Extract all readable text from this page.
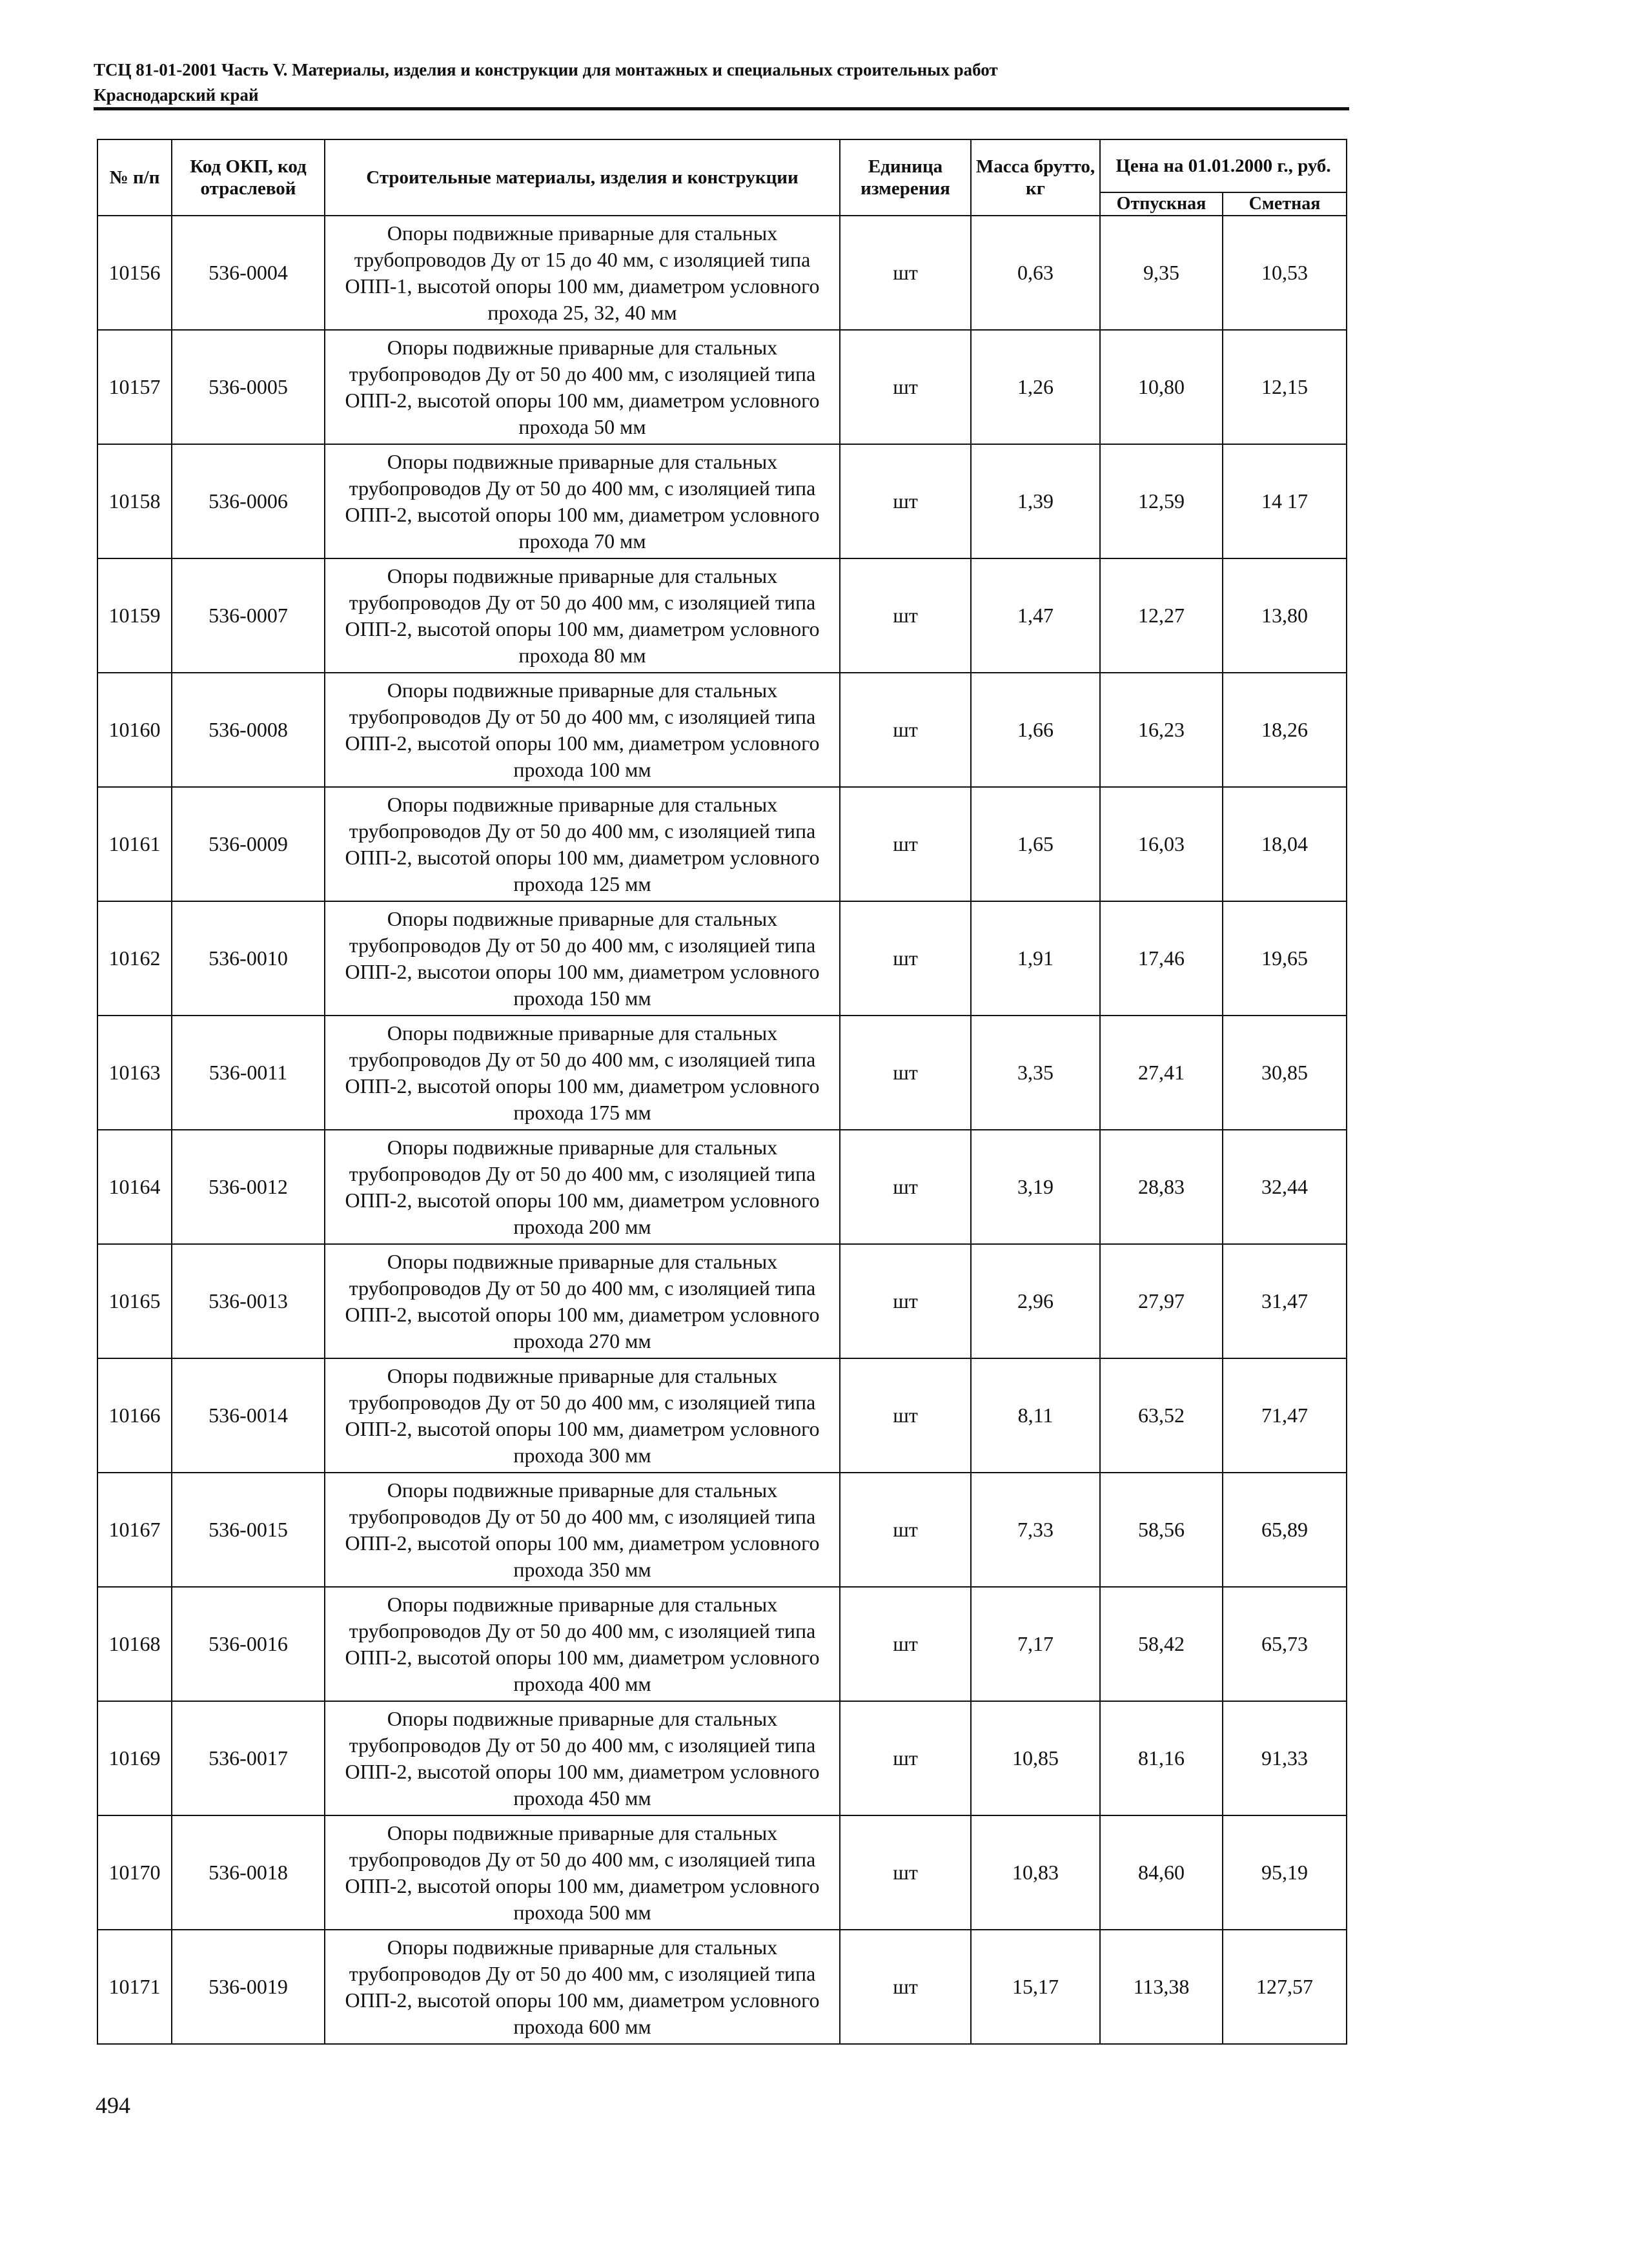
ТСЦ 81-01-2001 Часть V. Материалы, изделия и конструкции для монтажных и специальных строительных работ
Краснодарский край
№ п/п	Код ОКП, код отраслевой	Строительные материалы, изделия и конструкции	Единица измерения	Масса брутто, кг	Цена на 01.01.2000 г., руб.	
					Отпускная	Сметная
10156	536-0004	Опоры подвижные приварные для стальных трубопроводов Ду от 15 до 40 мм, с изоляцией типа ОПП-1, высотой опоры 100 мм, диаметром условного прохода 25, 32, 40 мм	шт	0,63	9,35	10,53
10157	536-0005	Опоры подвижные приварные для стальных трубопроводов Ду от 50 до 400 мм, с изоляцией типа ОПП-2, высотой опоры 100 мм, диаметром условного прохода 50 мм	шт	1,26	10,80	12,15
10158	536-0006	Опоры подвижные приварные для стальных трубопроводов Ду от 50 до 400 мм, с изоляцией типа ОПП-2, высотой опоры 100 мм, диаметром условного прохода 70 мм	шт	1,39	12,59	14 17
10159	536-0007	Опоры подвижные приварные для стальных трубопроводов Ду от 50 до 400 мм, с изоляцией типа ОПП-2, высотой опоры 100 мм, диаметром условного прохода 80 мм	шт	1,47	12,27	13,80
10160	536-0008	Опоры подвижные приварные для стальных трубопроводов Ду от 50 до 400 мм, с изоляцией типа ОПП-2, высотой опоры 100 мм, диаметром условного прохода 100 мм	шт	1,66	16,23	18,26
10161	536-0009	Опоры подвижные приварные для стальных трубопроводов Ду от 50 до 400 мм, с изоляцией типа ОПП-2, высотой опоры 100 мм, диаметром условного прохода 125 мм	шт	1,65	16,03	18,04
10162	536-0010	Опоры подвижные приварные для стальных трубопроводов Ду от 50 до 400 мм, с изоляцией типа ОПП-2, высотои опоры 100 мм, диаметром условного прохода 150 мм	шт	1,91	17,46	19,65
10163	536-0011	Опоры подвижные приварные для стальных трубопроводов Ду от 50 до 400 мм, с изоляцией типа ОПП-2, высотой опоры 100 мм, диаметром условного прохода 175 мм	шт	3,35	27,41	30,85
10164	536-0012	Опоры подвижные приварные для стальных трубопроводов Ду от 50 до 400 мм, с изоляцией типа ОПП-2, высотой опоры 100 мм, диаметром условного прохода 200 мм	шт	3,19	28,83	32,44
10165	536-0013	Опоры подвижные приварные для стальных трубопроводов Ду от 50 до 400 мм, с изоляцией типа ОПП-2, высотой опоры 100 мм, диаметром условного прохода 270 мм	шт	2,96	27,97	31,47
10166	536-0014	Опоры подвижные приварные для стальных трубопроводов Ду от 50 до 400 мм, с изоляцией типа ОПП-2, высотой опоры 100 мм, диаметром условного прохода 300 мм	шт	8,11	63,52	71,47
10167	536-0015	Опоры подвижные приварные для стальных трубопроводов Ду от 50 до 400 мм, с изоляцией типа ОПП-2, высотой опоры 100 мм, диаметром условного прохода 350 мм	шт	7,33	58,56	65,89
10168	536-0016	Опоры подвижные приварные для стальных трубопроводов Ду от 50 до 400 мм, с изоляцией типа ОПП-2, высотой опоры 100 мм, диаметром условного прохода 400 мм	шт	7,17	58,42	65,73
10169	536-0017	Опоры подвижные приварные для стальных трубопроводов Ду от 50 до 400 мм, с изоляцией типа ОПП-2, высотой опоры 100 мм, диаметром условного прохода 450 мм	шт	10,85	81,16	91,33
10170	536-0018	Опоры подвижные приварные для стальных трубопроводов Ду от 50 до 400 мм, с изоляцией типа ОПП-2, высотой опоры 100 мм, диаметром условного прохода 500 мм	шт	10,83	84,60	95,19
10171	536-0019	Опоры подвижные приварные для стальных трубопроводов Ду от 50 до 400 мм, с изоляцией типа ОПП-2, высотой опоры 100 мм, диаметром условного прохода 600 мм	шт	15,17	113,38	127,57
494
